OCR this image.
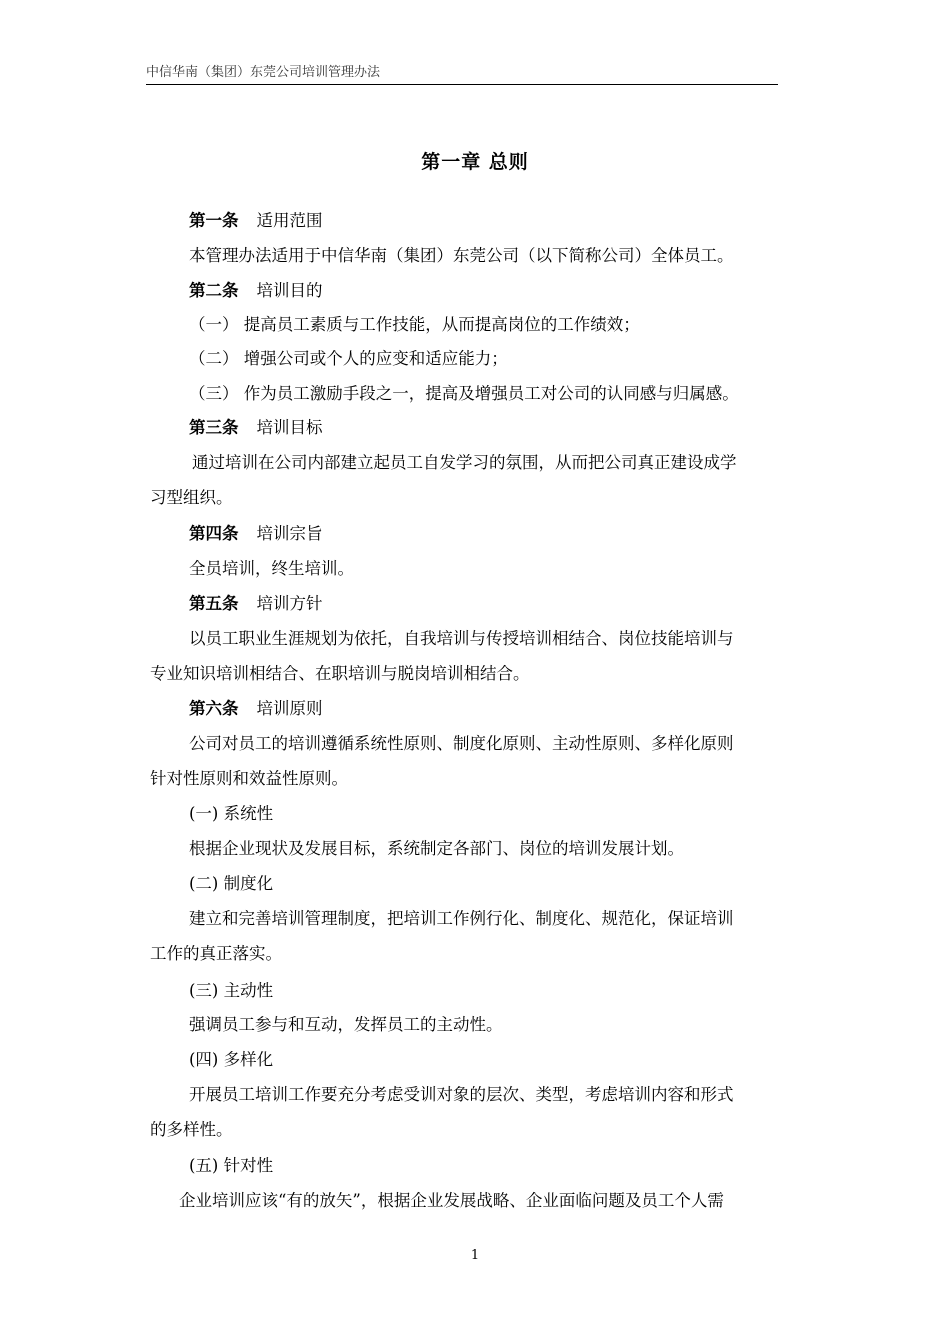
中信华南（集团）东莞公司培训管理办法
第一章 总则
第一条 适用范围
本管理办法适用于中信华南（集团）东莞公司（以下简称公司）全体员工。
第二条 培训目的
（一） 提高员工素质与工作技能，从而提高岗位的工作绩效；
（二） 增强公司或个人的应变和适应能力；
（三） 作为员工激励手段之一，提高及增强员工对公司的认同感与归属感。
第三条 培训目标
通过培训在公司内部建立起员工自发学习的氛围，从而把公司真正建设成学
习型组织。
第四条 培训宗旨
全员培训，终生培训。
第五条 培训方针
以员工职业生涯规划为依托，自我培训与传授培训相结合、岗位技能培训与
专业知识培训相结合、在职培训与脱岗培训相结合。
第六条 培训原则
公司对员工的培训遵循系统性原则、制度化原则、主动性原则、多样化原则
针对性原则和效益性原则。
(一) 系统性
根据企业现状及发展目标，系统制定各部门、岗位的培训发展计划。
(二) 制度化
建立和完善培训管理制度，把培训工作例行化、制度化、规范化，保证培训
工作的真正落实。
(三) 主动性
强调员工参与和互动，发挥员工的主动性。
(四) 多样化
开展员工培训工作要充分考虑受训对象的层次、类型，考虑培训内容和形式
的多样性。
(五) 针对性
企业培训应该“有的放矢”，根据企业发展战略、企业面临问题及员工个人需
1
